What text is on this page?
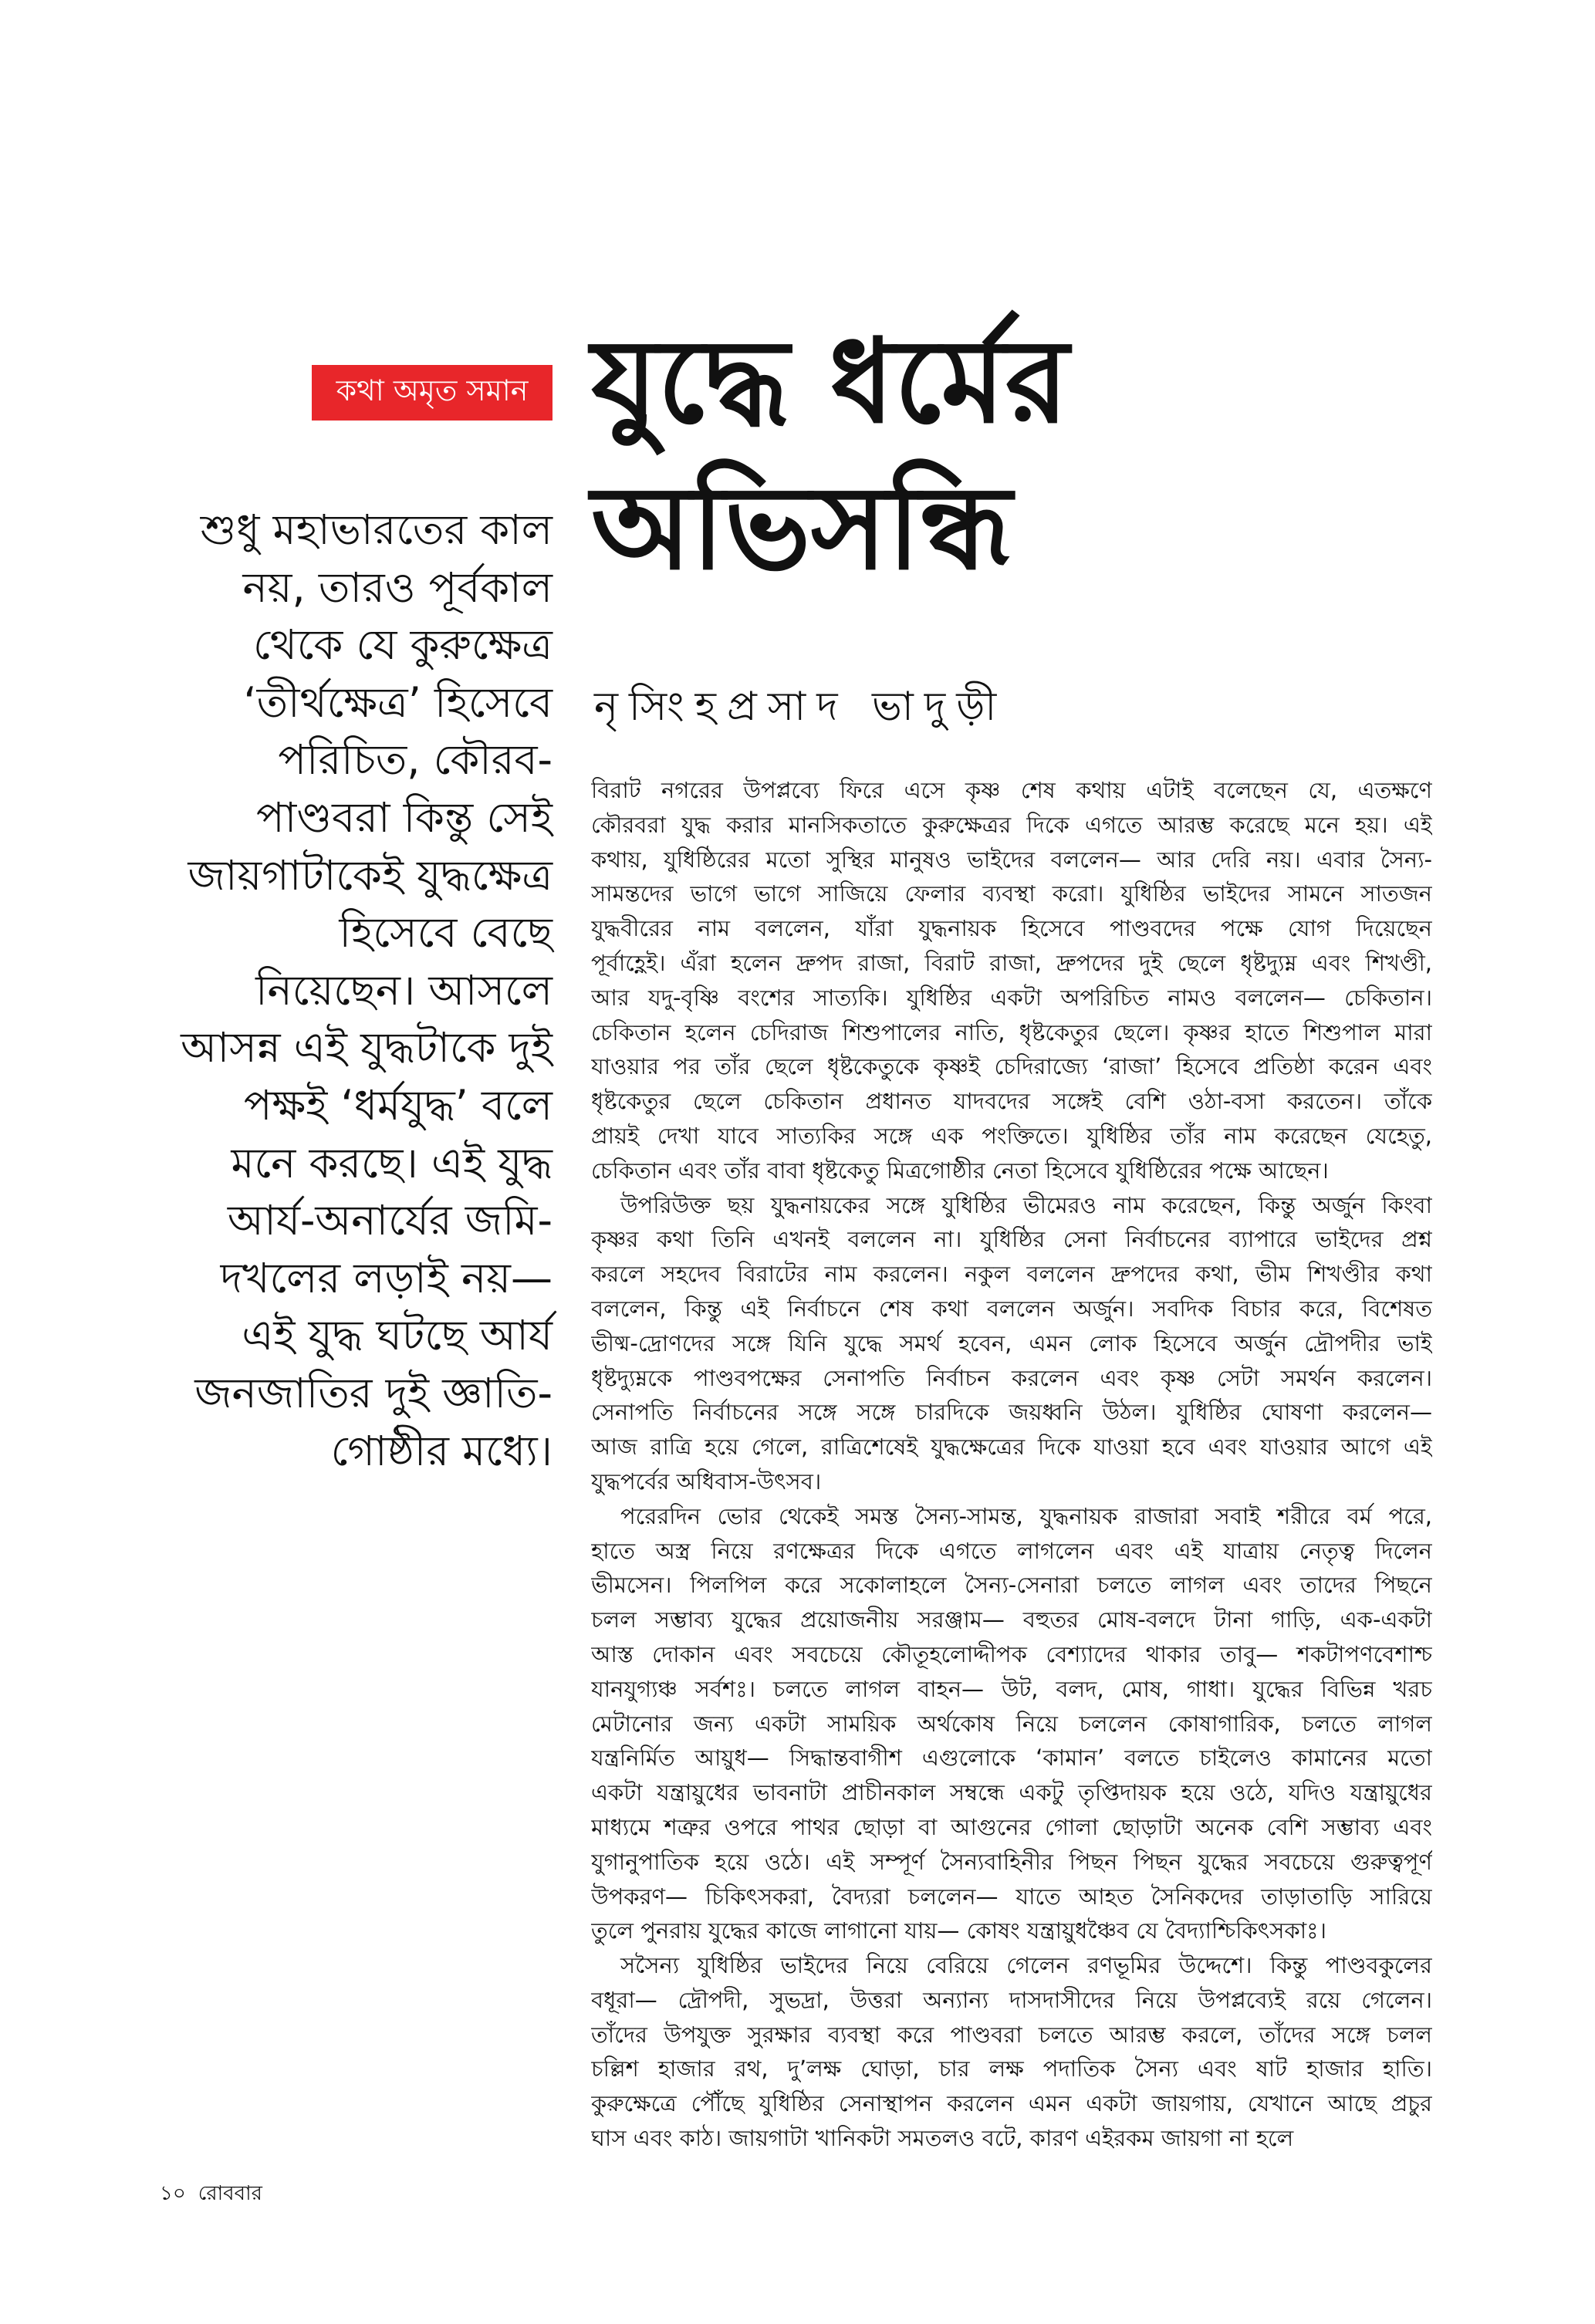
কথা অমৃত সমান যুদ্ধে ধর্মের
অভিসন্ধি
নৃসিংহপ্রসাদ ভাদুড়ী
শুধু মহাভারতের কাল
নয়, তারও পূর্বকাল
থেকে যে কুরুক্ষেত্র
‘তীর্থক্ষেত্র’ হিসেবে
পরিচিত, কৌরব-
পাণ্ডবরা কিন্তু সেই
জায়গাটাকেই যুদ্ধক্ষেত্র
হিসেবে বেছে
নিয়েছেন। আসলে
আসন্ন এই যুদ্ধটাকে দুই
পক্ষই ‘ধর্মযুদ্ধ’ বলে
মনে করছে। এই যুদ্ধ
আর্য-অনার্যের জমি-
দখলের লড়াই নয়—
এই যুদ্ধ ঘটছে আর্য
জনজাতির দুই জ্ঞাতি-
গোষ্ঠীর মধ্যে।
বিরাট নগরের উপপ্লব্যে ফিরে এসে কৃষ্ণ শেষ কথায় এটাই বলেছেন যে, এতক্ষণে
কৌরবরা যুদ্ধ করার মানসিকতাতে কুরুক্ষেত্রর দিকে এগতে আরম্ভ করেছে মনে হয়। এই
কথায়, যুধিষ্ঠিরের মতো সুস্থির মানুষও ভাইদের বললেন— আর দেরি নয়। এবার সৈন্য-
সামন্তদের ভাগে ভাগে সাজিয়ে ফেলার ব্যবস্থা করো। যুধিষ্ঠির ভাইদের সামনে সাতজন
যুদ্ধবীরের নাম বললেন, যাঁরা যুদ্ধনায়ক হিসেবে পাণ্ডবদের পক্ষে যোগ দিয়েছেন
পূর্বাহ্ণেই। এঁরা হলেন দ্রুপদ রাজা, বিরাট রাজা, দ্রুপদের দুই ছেলে ধৃষ্টদ্যুম্ন এবং শিখণ্ডী,
আর যদু-বৃষ্ণি বংশের সাত্যকি। যুধিষ্ঠির একটা অপরিচিত নামও বললেন— চেকিতান।
চেকিতান হলেন চেদিরাজ শিশুপালের নাতি, ধৃষ্টকেতুর ছেলে। কৃষ্ণর হাতে শিশুপাল মারা
যাওয়ার পর তাঁর ছেলে ধৃষ্টকেতুকে কৃষ্ণই চেদিরাজ্যে ‘রাজা’ হিসেবে প্রতিষ্ঠা করেন এবং
ধৃষ্টকেতুর ছেলে চেকিতান প্রধানত যাদবদের সঙ্গেই বেশি ওঠা-বসা করতেন। তাঁকে
প্রায়ই দেখা যাবে সাত্যকির সঙ্গে এক পংক্তিতে। যুধিষ্ঠির তাঁর নাম করেছেন যেহেতু,
চেকিতান এবং তাঁর বাবা ধৃষ্টকেতু মিত্রগোষ্ঠীর নেতা হিসেবে যুধিষ্ঠিরের পক্ষে আছেন।
উপরিউক্ত ছয় যুদ্ধনায়কের সঙ্গে যুধিষ্ঠির ভীমেরও নাম করেছেন, কিন্তু অর্জুন কিংবা
কৃষ্ণর কথা তিনি এখনই বললেন না। যুধিষ্ঠির সেনা নির্বাচনের ব্যাপারে ভাইদের প্রশ্ন
করলে সহদেব বিরাটের নাম করলেন। নকুল বললেন দ্রুপদের কথা, ভীম শিখণ্ডীর কথা
বললেন, কিন্তু এই নির্বাচনে শেষ কথা বললেন অর্জুন। সবদিক বিচার করে, বিশেষত
ভীষ্ম-দ্রোণদের সঙ্গে যিনি যুদ্ধে সমর্থ হবেন, এমন লোক হিসেবে অর্জুন দ্রৌপদীর ভাই
ধৃষ্টদ্যুম্নকে পাণ্ডবপক্ষের সেনাপতি নির্বাচন করলেন এবং কৃষ্ণ সেটা সমর্থন করলেন।
সেনাপতি নির্বাচনের সঙ্গে সঙ্গে চারদিকে জয়ধ্বনি উঠল। যুধিষ্ঠির ঘোষণা করলেন—
আজ রাত্রি হয়ে গেলে, রাত্রিশেষেই যুদ্ধক্ষেত্রের দিকে যাওয়া হবে এবং যাওয়ার আগে এই
যুদ্ধপর্বের অধিবাস-উৎসব।
পরেরদিন ভোর থেকেই সমস্ত সৈন্য-সামন্ত, যুদ্ধনায়ক রাজারা সবাই শরীরে বর্ম পরে,
হাতে অস্ত্র নিয়ে রণক্ষেত্রর দিকে এগতে লাগলেন এবং এই যাত্রায় নেতৃত্ব দিলেন
ভীমসেন। পিলপিল করে সকোলাহলে সৈন্য-সেনারা চলতে লাগল এবং তাদের পিছনে
চলল সম্ভাব্য যুদ্ধের প্রয়োজনীয় সরঞ্জাম— বহুতর মোষ-বলদে টানা গাড়ি, এক-একটা
আস্ত দোকান এবং সবচেয়ে কৌতূহলোদ্দীপক বেশ্যাদের থাকার তাবু— শকটাপণবেশাশ্চ
যানযুগ্যঞ্চ সর্বশঃ। চলতে লাগল বাহন— উট, বলদ, মোষ, গাধা। যুদ্ধের বিভিন্ন খরচ
মেটানোর জন্য একটা সাময়িক অর্থকোষ নিয়ে চললেন কোষাগারিক, চলতে লাগল
যন্ত্রনির্মিত আয়ুধ— সিদ্ধান্তবাগীশ এগুলোকে ‘কামান’ বলতে চাইলেও কামানের মতো
একটা যন্ত্রায়ুধের ভাবনাটা প্রাচীনকাল সম্বন্ধে একটু তৃপ্তিদায়ক হয়ে ওঠে, যদিও যন্ত্রায়ুধের
মাধ্যমে শত্রুর ওপরে পাথর ছোড়া বা আগুনের গোলা ছোড়াটা অনেক বেশি সম্ভাব্য এবং
যুগানুপাতিক হয়ে ওঠে। এই সম্পূর্ণ সৈন্যবাহিনীর পিছন পিছন যুদ্ধের সবচেয়ে গুরুত্বপূর্ণ
উপকরণ— চিকিৎসকরা, বৈদ্যরা চললেন— যাতে আহত সৈনিকদের তাড়াতাড়ি সারিয়ে
তুলে পুনরায় যুদ্ধের কাজে লাগানো যায়— কোষং যন্ত্রায়ুধঞ্চৈব যে বৈদ্যাশ্চিকিৎসকাঃ।
সসৈন্য যুধিষ্ঠির ভাইদের নিয়ে বেরিয়ে গেলেন রণভূমির উদ্দেশে। কিন্তু পাণ্ডবকুলের
বধূরা— দ্রৌপদী, সুভদ্রা, উত্তরা অন্যান্য দাসদাসীদের নিয়ে উপপ্লব্যেই রয়ে গেলেন।
তাঁদের উপযুক্ত সুরক্ষার ব্যবস্থা করে পাণ্ডবরা চলতে আরম্ভ করলে, তাঁদের সঙ্গে চলল
চল্লিশ হাজার রথ, দু’লক্ষ ঘোড়া, চার লক্ষ পদাতিক সৈন্য এবং ষাট হাজার হাতি।
কুরুক্ষেত্রে পৌঁছে যুধিষ্ঠির সেনাস্থাপন করলেন এমন একটা জায়গায়, যেখানে আছে প্রচুর
ঘাস এবং কাঠ। জায়গাটা খানিকটা সমতলও বটে, কারণ এইরকম জায়গা না হলে
১০ রোববার
